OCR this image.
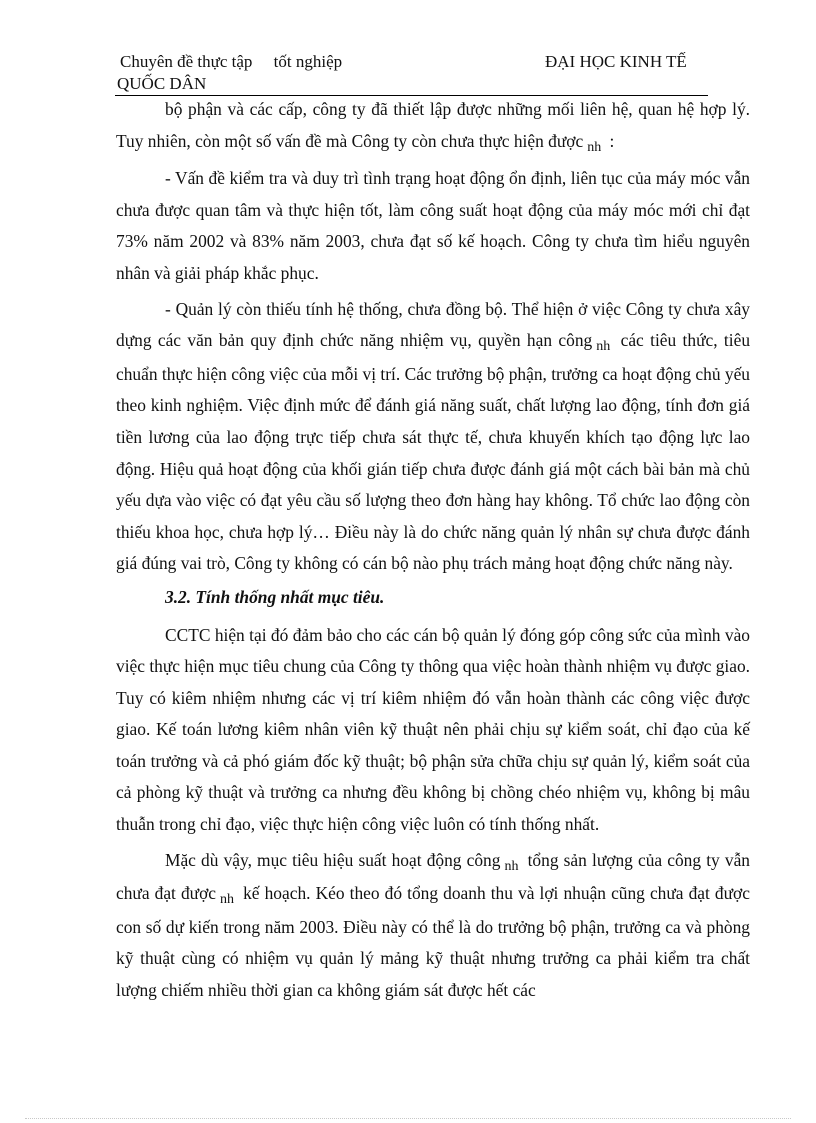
Chuyên đề thực tập     tốt nghiệp
QUỐC DÂN
ĐẠI HỌC KINH TẾ

bộ phận và các cấp, công ty đã thiết lập được những mối liên hệ, quan hệ hợp lý. Tuy nhiên, còn một số vấn đề mà Công ty còn chưa thực hiện được $_{nh}$ :

- Vấn đề kiểm tra và duy trì tình trạng hoạt động ổn định, liên tục của máy móc vẫn chưa được quan tâm và thực hiện tốt, làm công suất hoạt động của máy móc mới chỉ đạt 73% năm 2002 và 83% năm 2003, chưa đạt số kế hoạch. Công ty chưa tìm hiểu nguyên nhân và giải pháp khắc phục.

- Quản lý còn thiếu tính hệ thống, chưa đồng bộ. Thể hiện ở việc Công ty chưa xây dựng các văn bản quy định chức năng nhiệm vụ, quyền hạn công $_{nh}$ các tiêu thức, tiêu chuẩn thực hiện công việc của mỗi vị trí. Các trưởng bộ phận, trưởng ca hoạt động chủ yếu theo kinh nghiệm. Việc định mức để đánh giá năng suất, chất lượng lao động, tính đơn giá tiền lương của lao động trực tiếp chưa sát thực tế, chưa khuyến khích tạo động lực lao động. Hiệu quả hoạt động của khối gián tiếp chưa được đánh giá một cách bài bản mà chủ yếu dựa vào việc có đạt yêu cầu số lượng theo đơn hàng hay không. Tổ chức lao động còn thiếu khoa học, chưa hợp lý… Điều này là do chức năng quản lý nhân sự chưa được đánh giá đúng vai trò, Công ty không có cán bộ nào phụ trách mảng hoạt động chức năng này.

3.2. Tính thống nhất mục tiêu.

CCTC hiện tại đó đảm bảo cho các cán bộ quản lý đóng góp công sức của mình vào việc thực hiện mục tiêu chung của Công ty thông qua việc hoàn thành nhiệm vụ được giao. Tuy có kiêm nhiệm nhưng các vị trí kiêm nhiệm đó vẫn hoàn thành các công việc được giao. Kế toán lương kiêm nhân viên kỹ thuật nên phải chịu sự kiểm soát, chỉ đạo của kế toán trưởng và cả phó giám đốc kỹ thuật; bộ phận sửa chữa chịu sự quản lý, kiểm soát của cả phòng kỹ thuật và trưởng ca nhưng đều không bị chồng chéo nhiệm vụ, không bị mâu thuẫn trong chỉ đạo, việc thực hiện công việc luôn có tính thống nhất.

Mặc dù vậy, mục tiêu hiệu suất hoạt động công $_{nh}$ tổng sản lượng của công ty vẫn chưa đạt được $_{nh}$ kế hoạch. Kéo theo đó tổng doanh thu và lợi nhuận cũng chưa đạt được con số dự kiến trong năm 2003. Điều này có thể là do trưởng bộ phận, trưởng ca và phòng kỹ thuật cùng có nhiệm vụ quản lý mảng kỹ thuật nhưng trưởng ca phải kiểm tra chất lượng chiếm nhiều thời gian ca không giám sát được hết các
